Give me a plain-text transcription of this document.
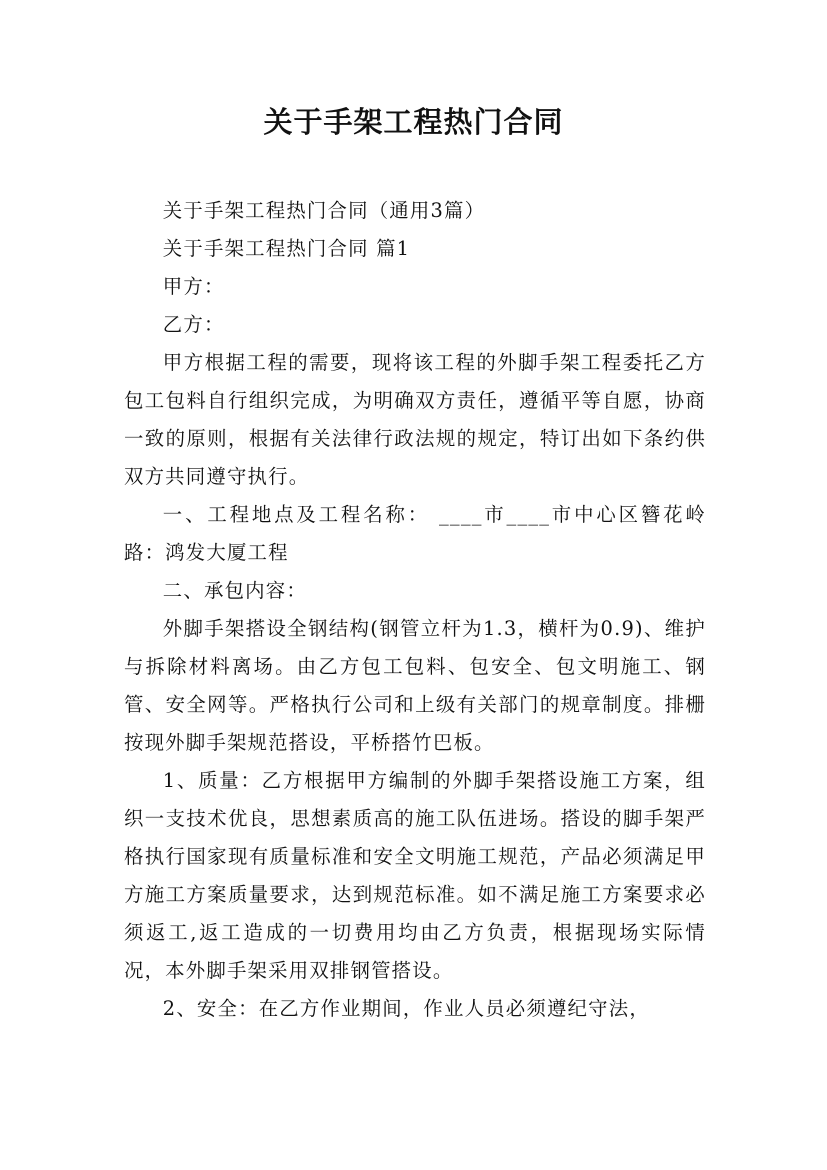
关于手架工程热门合同

关于手架工程热门合同（通用3篇）

关于手架工程热门合同 篇1

甲方：

乙方：

甲方根据工程的需要，现将该工程的外脚手架工程委托乙方包工包料自行组织完成，为明确双方责任，遵循平等自愿，协商一致的原则，根据有关法律行政法规的规定，特订出如下条约供双方共同遵守执行。

一、工程地点及工程名称： ____市____市中心区簪花岭路：鸿发大厦工程

二、承包内容：

外脚手架搭设全钢结构(钢管立杆为1.3，横杆为0.9)、维护与拆除材料离场。由乙方包工包料、包安全、包文明施工、钢管、安全网等。严格执行公司和上级有关部门的规章制度。排栅按现外脚手架规范搭设，平桥搭竹巴板。

1、质量：乙方根据甲方编制的外脚手架搭设施工方案，组织一支技术优良，思想素质高的施工队伍进场。搭设的脚手架严格执行国家现有质量标准和安全文明施工规范，产品必须满足甲方施工方案质量要求，达到规范标准。如不满足施工方案要求必须返工,返工造成的一切费用均由乙方负责，根据现场实际情况，本外脚手架采用双排钢管搭设。

2、安全：在乙方作业期间，作业人员必须遵纪守法，
